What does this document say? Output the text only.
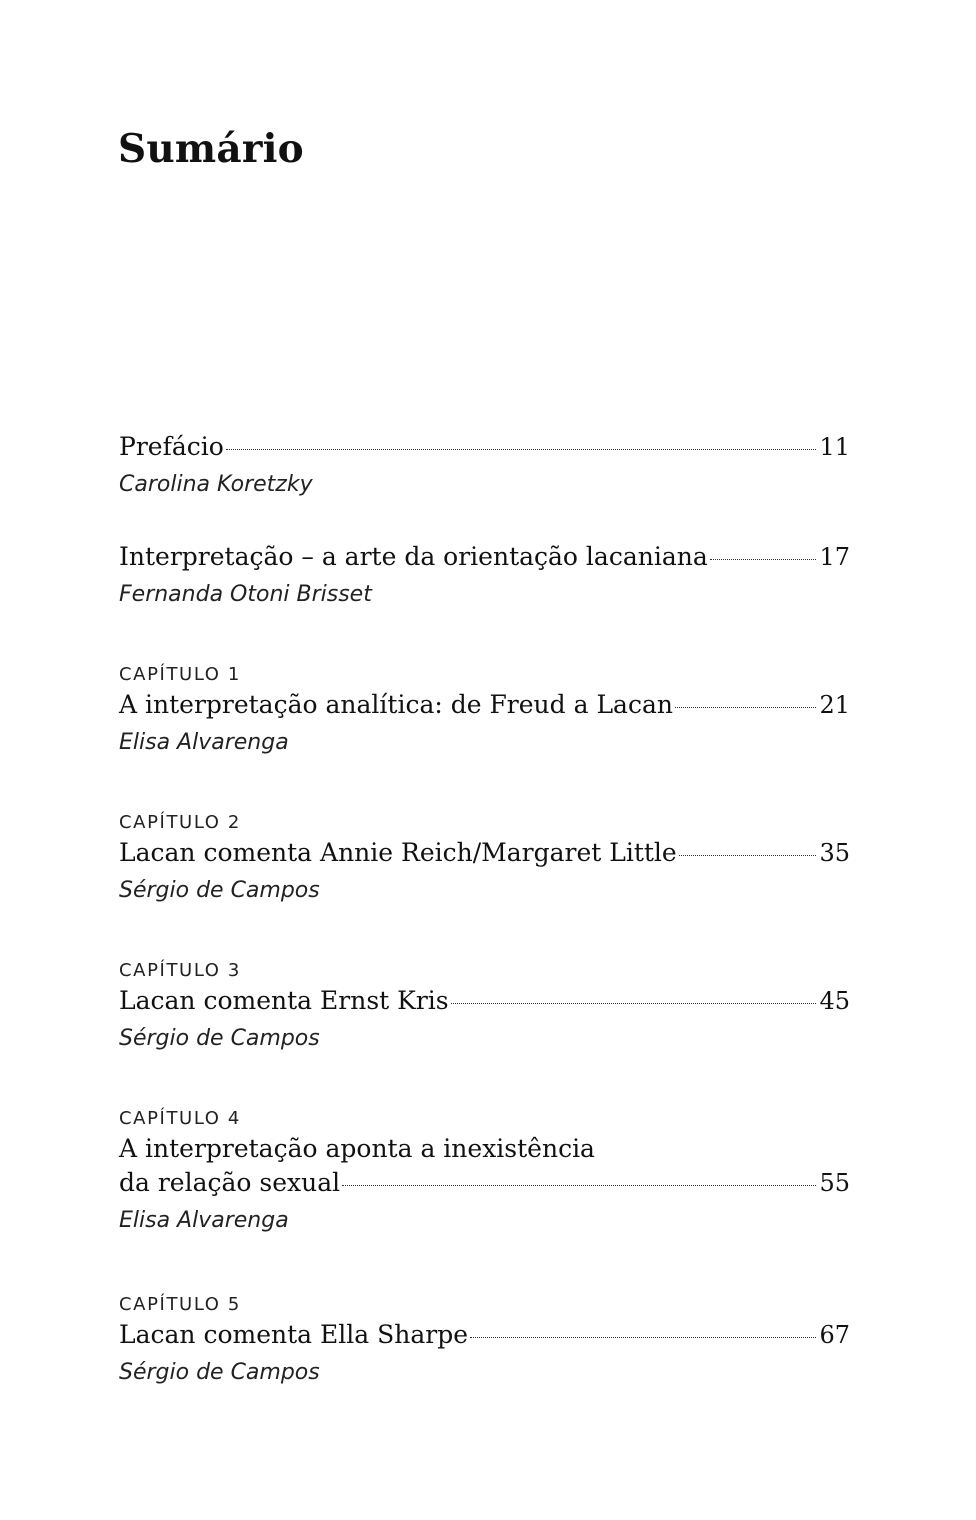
Sumário
Prefácio	11
Carolina Koretzky
Interpretação – a arte da orientação lacaniana	17
Fernanda Otoni Brisset
CAPÍTULO 1
A interpretação analítica: de Freud a Lacan	21
Elisa Alvarenga
CAPÍTULO 2
Lacan comenta Annie Reich/Margaret Little	35
Sérgio de Campos
CAPÍTULO 3
Lacan comenta Ernst Kris	45
Sérgio de Campos
CAPÍTULO 4
A interpretação aponta a inexistência
da relação sexual	55
Elisa Alvarenga
CAPÍTULO 5
Lacan comenta Ella Sharpe	67
Sérgio de Campos
